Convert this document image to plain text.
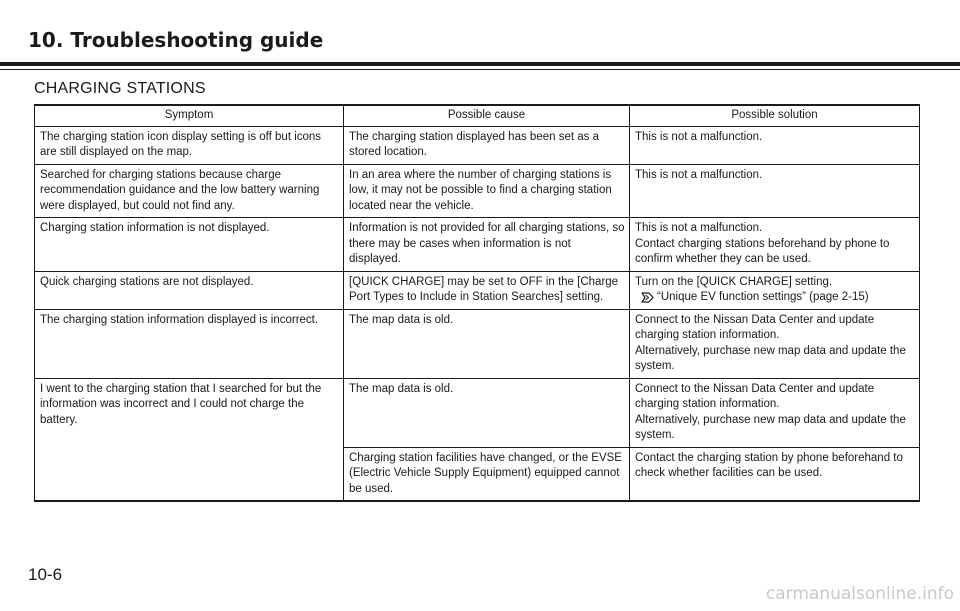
10. Troubleshooting guide
CHARGING STATIONS
Symptom	Possible cause	Possible solution
The charging station icon display setting is off but icons are still displayed on the map.	The charging station displayed has been set as a stored location.	This is not a malfunction.

Searched for charging stations because charge recommendation guidance and the low battery warning were displayed, but could not find any.	In an area where the number of charging stations is low, it may not be possible to find a charging station located near the vehicle.	This is not a malfunction.

Charging station information is not displayed.	Information is not provided for all charging stations, so there may be cases when information is not displayed.	This is not a malfunction.
Contact charging stations beforehand by phone to confirm whether they can be used.

Quick charging stations are not displayed.	[QUICK CHARGE] may be set to OFF in the [Charge Port Types to Include in Station Searches] setting.	Turn on the [QUICK CHARGE] setting.
“Unique EV function settings” (page 2-15)

The charging station information displayed is incorrect.	The map data is old.	Connect to the Nissan Data Center and update charging station information.
Alternatively, purchase new map data and update the system.

I went to the charging station that I searched for but the information was incorrect and I could not charge the battery.	The map data is old.	Connect to the Nissan Data Center and update charging station information.
Alternatively, purchase new map data and update the system.

	Charging station facilities have changed, or the EVSE (Electric Vehicle Supply Equipment) equipped cannot be used.	Contact the charging station by phone beforehand to check whether facilities can be used.

10-6

carmanualsonline.info
